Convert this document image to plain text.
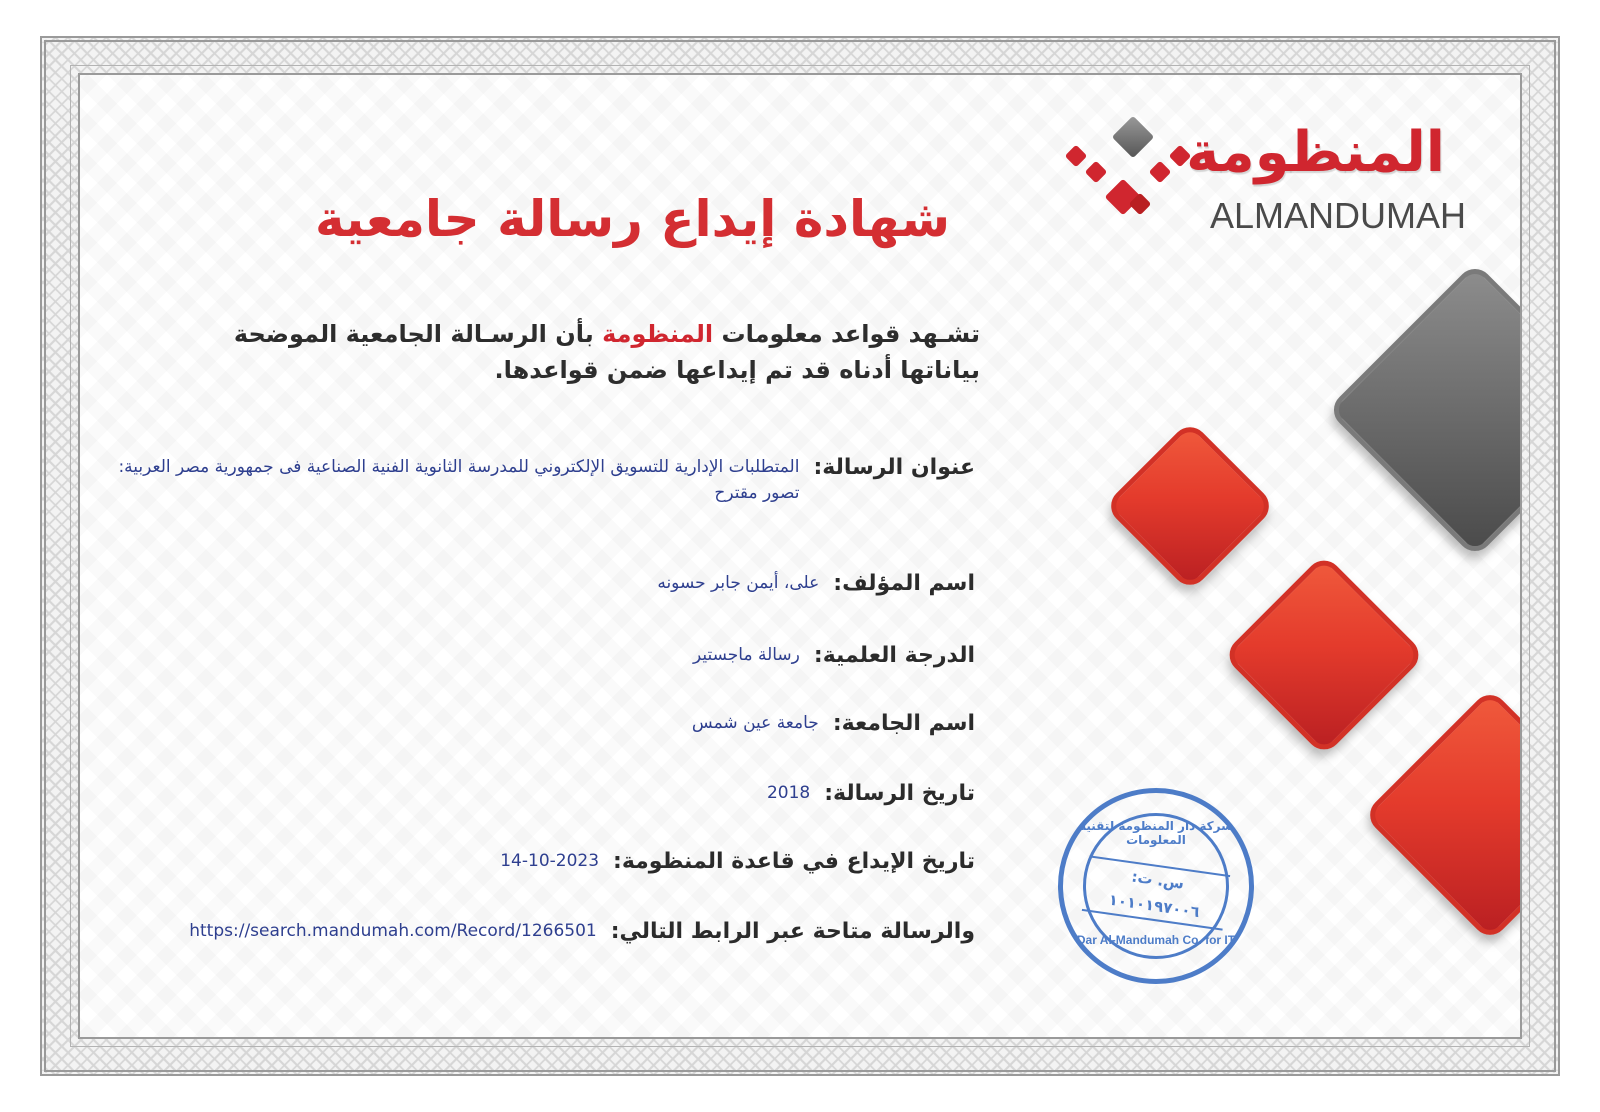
المنظومة
ALMANDUMAH
شهادة إيداع رسالة جامعية
تشـهد قواعد معلومات المنظومة بأن الرسـالة الجامعية الموضحة بياناتها أدناه قد تم إيداعها ضمن قواعدها.
عنوان الرسالة:
المتطلبات الإدارية للتسويق الإلكتروني للمدرسة الثانوية الفنية الصناعية فى جمهورية مصر العربية: تصور مقترح
اسم المؤلف:
على، أيمن جابر حسونه
الدرجة العلمية:
رسالة ماجستير
اسم الجامعة:
جامعة عين شمس
تاريخ الرسالة:
2018
تاريخ الإيداع في قاعدة المنظومة:
14-10-2023
والرسالة متاحة عبر الرابط التالي:
https://search.mandumah.com/Record/1266501
شركة دار المنظومة لتقنية المعلومات
س. ت: ١٠١٠١٩٧٠٠٦
Dar Al-Mandumah Co. for IT
